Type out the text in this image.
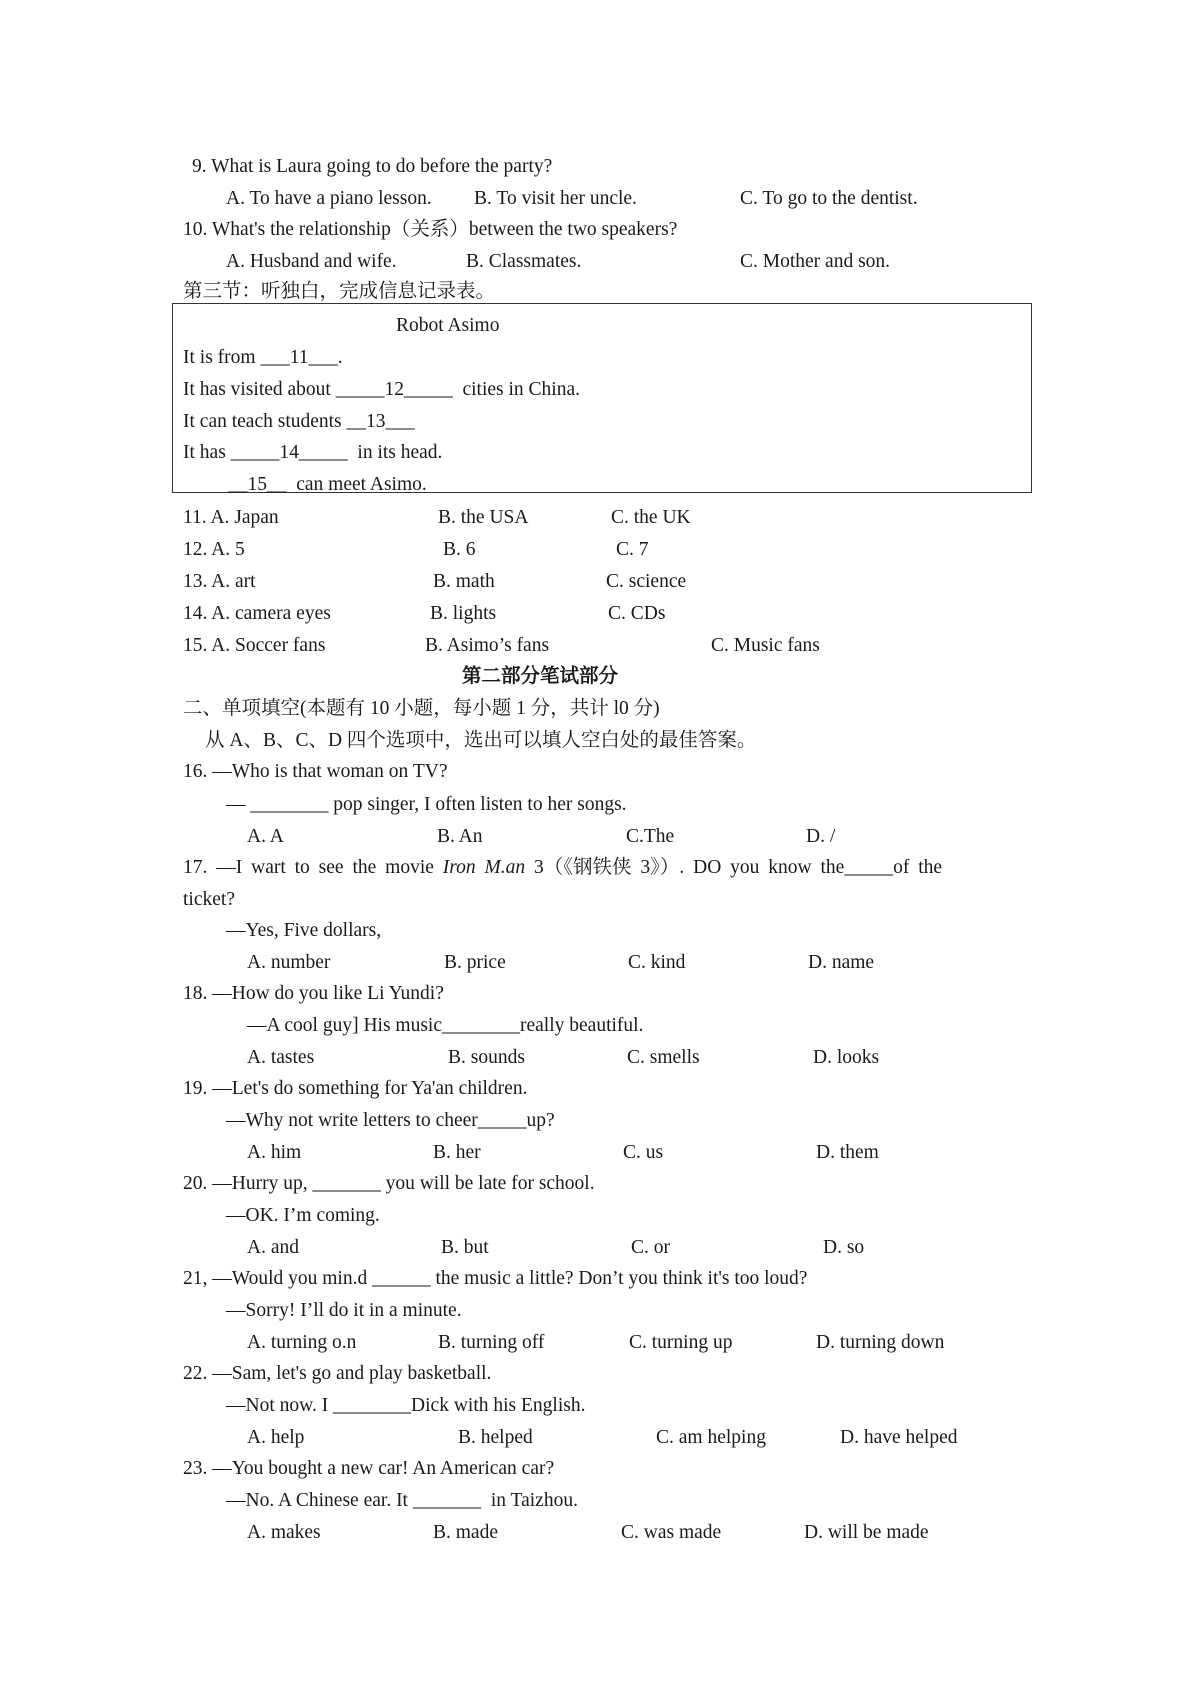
9. What is Laura going to do before the party?
A. To have a piano lesson. B. To visit her uncle.	C. To go to the dentist.
10. What's the relationship（关系）between the two speakers?
A. Husband and wife.	B. Classmates.	C. Mother and son.
第三节：听独白，完成信息记录表。
Robot Asimo
It is from ___11___.
It has visited about _____12_____  cities in China.
It can teach students __13___
It has _____14_____  in its head.
__15__  can meet Asimo.
11. A. Japan	B. the USA	C. the UK
12. A. 5	B. 6	C. 7
13. A. art	B. math	C. science
14. A. camera eyes	B. lights	C. CDs
15. A. Soccer fans	B. Asimo’s fans	C. Music fans
第二部分笔试部分
二、单项填空(本题有 10 小题，每小题 1 分，共计 l0 分)
从 A、B、C、D 四个选项中，选出可以填人空白处的最佳答案。
16. —Who is that woman on TV?
— ________ pop singer, I often listen to her songs.
A. A	B. An	C.The	D. /
17. —I wart to see the movie Iron M.an 3（《钢铁侠 3》）. DO you know the_____of the
ticket?
—Yes, Five dollars,
A. number	B. price	C. kind	D. name
18. —How do you like Li Yundi?
—A cool guy] His music________really beautiful.
A. tastes	B. sounds	C. smells	D. looks
19. —Let's do something for Ya'an children.
—Why not write letters to cheer_____up?
A. him	B. her	C. us	D. them
20. —Hurry up, _______ you will be late for school.
—OK. I’m coming.
A. and	B. but	C. or	D. so
21, —Would you min.d ______ the music a little? Don’t you think it's too loud?
—Sorry! I’ll do it in a minute.
A. turning o.n	B. turning off	C. turning up	D. turning down
22. —Sam, let's go and play basketball.
—Not now. I ________Dick with his English.
A. help	B. helped	C. am helping	D. have helped
23. —You bought a new car! An American car?
—No. A Chinese ear. It _______  in Taizhou.
A. makes	B. made	C. was made	D. will be made
